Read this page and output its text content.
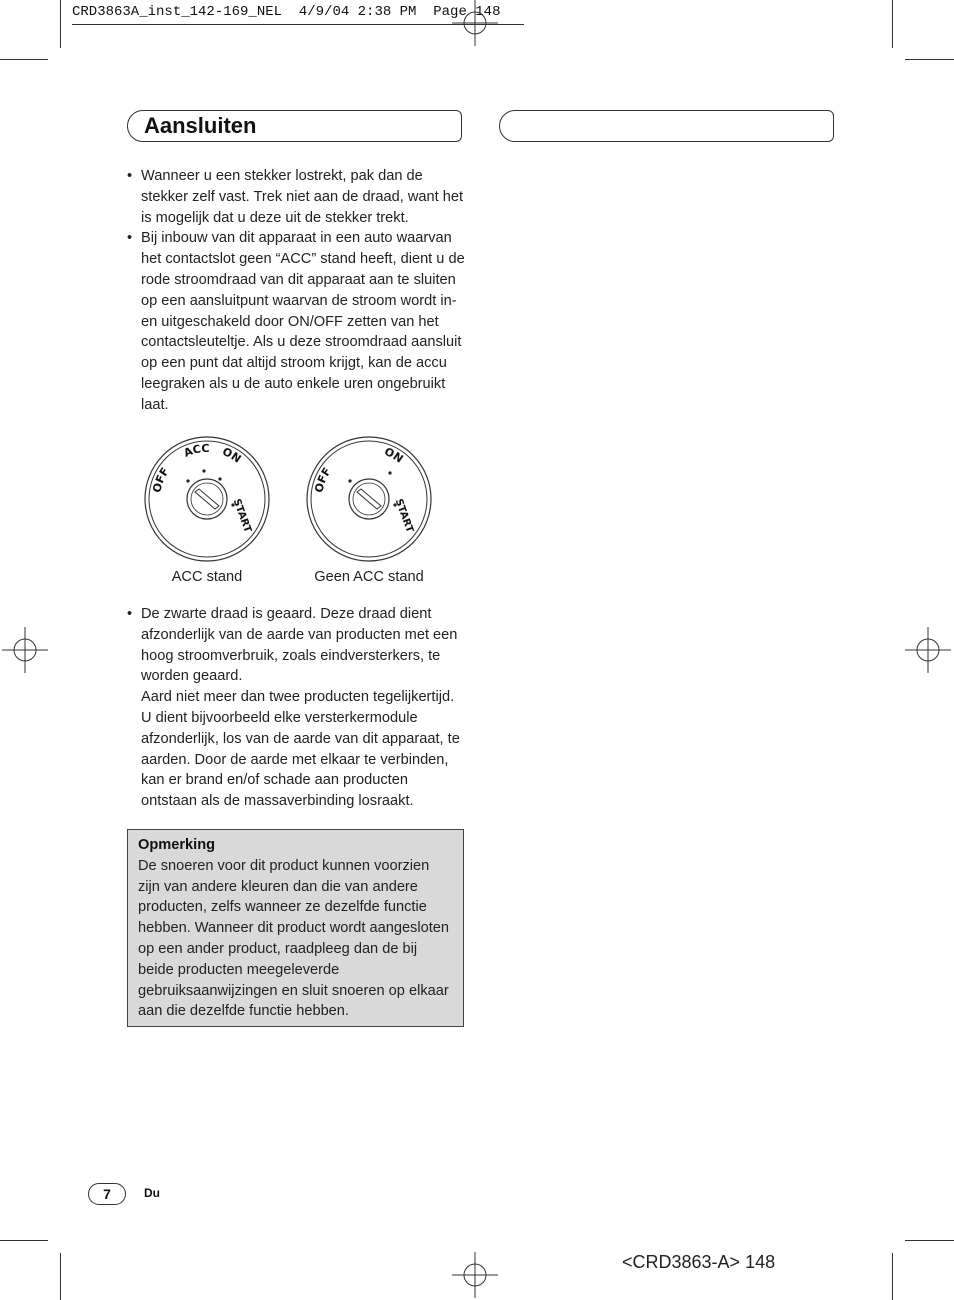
CRD3863A_inst_142-169_NEL  4/9/04 2:38 PM  Page 148
Aansluiten
• Wanneer u een stekker lostrekt, pak dan de stekker zelf vast. Trek niet aan de draad, want het is mogelijk dat u deze uit de stekker trekt.
• Bij inbouw van dit apparaat in een auto waarvan het contactslot geen “ACC” stand heeft, dient u de rode stroomdraad van dit apparaat aan te sluiten op een aansluitpunt waarvan de stroom wordt in- en uitgeschakeld door ON/OFF zetten van het contactsleuteltje. Als u deze stroomdraad aansluit op een punt dat altijd stroom krijgt, kan de accu leegraken als u de auto enkele uren ongebruikt laat.
OFF
ACC ON
START
ACC stand
OFF
ON
START
Geen ACC stand
• De zwarte draad is geaard. Deze draad dient afzonderlijk van de aarde van producten met een hoog stroomverbruik, zoals eindversterkers, te worden geaard.
Aard niet meer dan twee producten tegelijkertijd. U dient bijvoorbeeld elke versterkermodule afzonderlijk, los van de aarde van dit apparaat, te aarden. Door de aarde met elkaar te verbinden, kan er brand en/of schade aan producten ontstaan als de massaverbinding losraakt.
Opmerking
De snoeren voor dit product kunnen voorzien zijn van andere kleuren dan die van andere producten, zelfs wanneer ze dezelfde functie hebben. Wanneer dit product wordt aangesloten op een ander product, raadpleeg dan de bij beide producten meegeleverde gebruiksaanwijzingen en sluit snoeren op elkaar aan die dezelfde functie hebben.
7	Du
<CRD3863-A> 148
